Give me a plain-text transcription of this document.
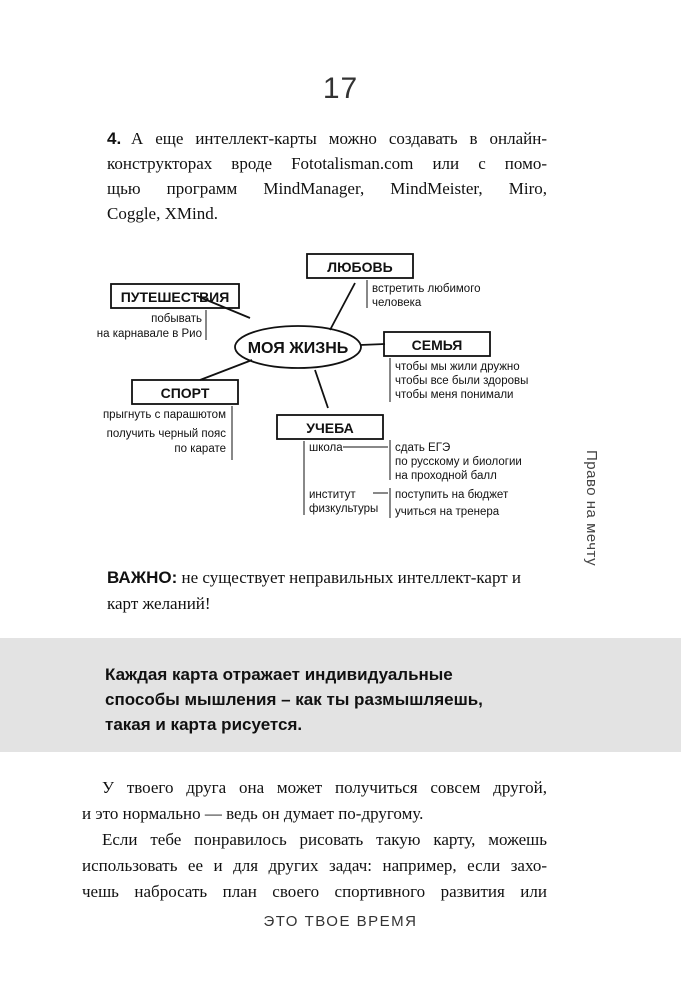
17
4. А еще интеллект-карты можно создавать в онлайн-
конструкторах вроде Fototalisman.com или с помо-
щью программ MindManager, MindMeister, Miro,
Coggle, XMind.
МОЯ ЖИЗНЬ
ЛЮБОВЬ
встретить любимого
человека
ПУТЕШЕСТВИЯ
побывать
на карнавале в Рио
СЕМЬЯ
чтобы мы жили дружно
чтобы все были здоровы
чтобы меня понимали
СПОРТ
прыгнуть с парашютом
получить черный пояс
по карате
УЧЕБА
школа	сдать ЕГЭ
по русскому и биологии
на проходной балл
институт
физкультуры
поступить на бюджет
учиться на тренера	Право на мечту
ВАЖНО: не существует неправильных интеллект-карт и карт желаний!
Каждая карта отражает индивидуальные
способы мышления – как ты размышляешь,
такая и карта рисуется.
У твоего друга она может получиться совсем другой,
и это нормально — ведь он думает по-другому.
Если тебе понравилось рисовать такую карту, можешь
использовать ее и для других задач: например, если захо-
чешь набросать план своего спортивного развития или
ЭТО ТВОЕ ВРЕМЯ
